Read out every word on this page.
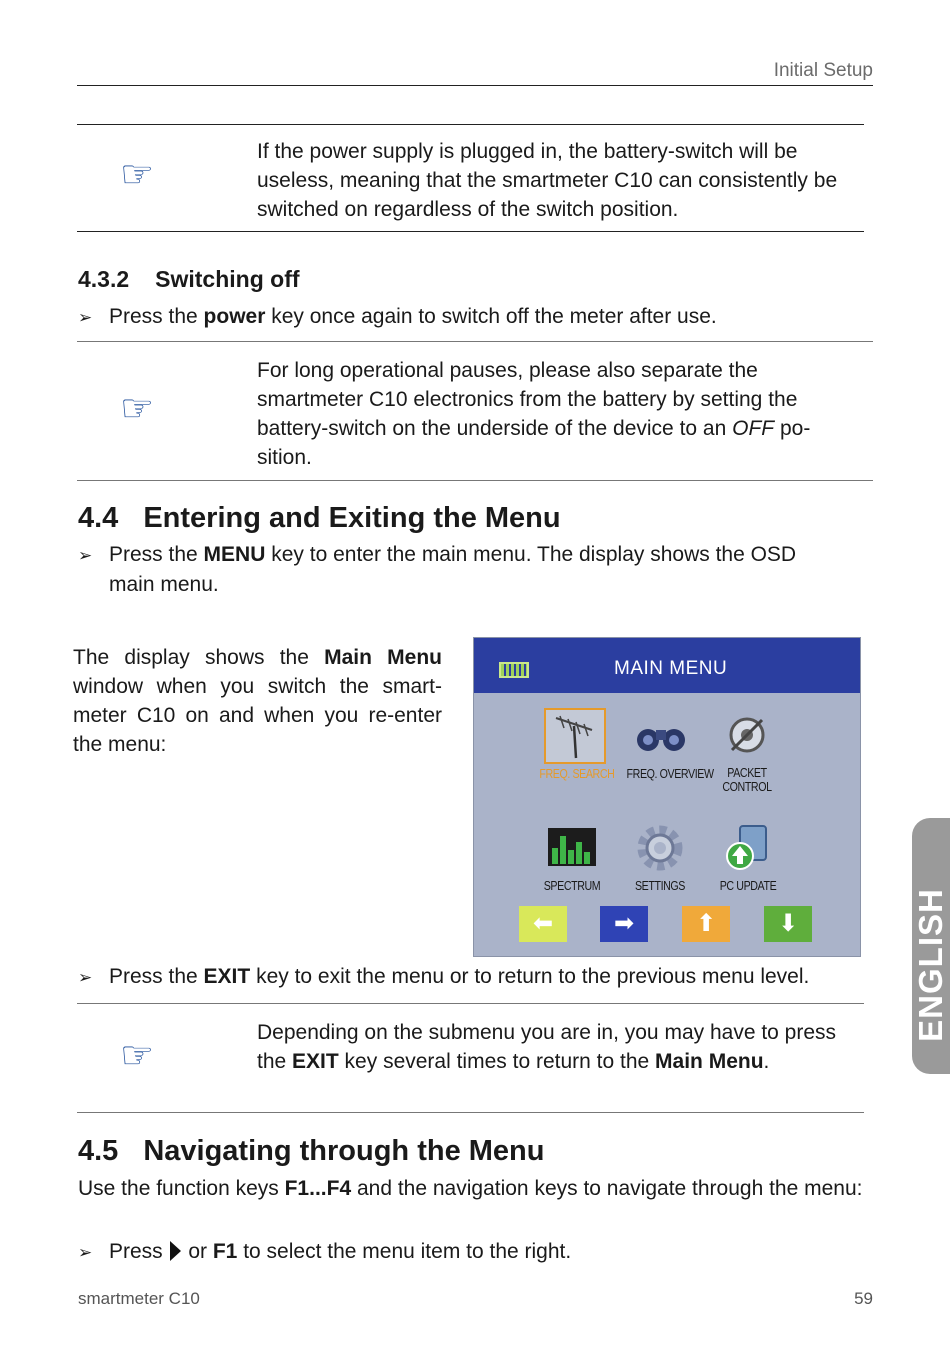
Initial Setup
☞
If the power supply is plugged in, the battery-switch will be useless, meaning that the smartmeter C10 can consistently be switched on regardless of the switch position.
4.3.2 Switching off
➢ Press the power key once again to switch off the meter after use.
☞
For long operational pauses, please also separate the smartmeter C10 electronics from the battery by setting the battery-switch on the underside of the device to an OFF po-sition.
4.4 Entering and Exiting the Menu
➢ Press the MENU key to enter the main menu. The display shows the OSD
main menu.
The display shows the Main Menu window when you switch the smart-meter C10 on and when you re-enter the menu:
MAIN MENU
FREQ. SEARCH FREQ. OVERVIEW	PACKET
CONTROL
SPECTRUM	SETTINGS	PC UPDATE
⬅	➡	⬆	⬇
➢ Press the EXIT key to exit the menu or to return to the previous menu level.
☞
Depending on the submenu you are in, you may have to press the EXIT key several times to return to the Main Menu.
4.5 Navigating through the Menu
Use the function keys F1...F4 and the navigation keys to navigate through the menu:
➢ Press  or F1 to select the menu item to the right.
ENGLISH
smartmeter C10	59
